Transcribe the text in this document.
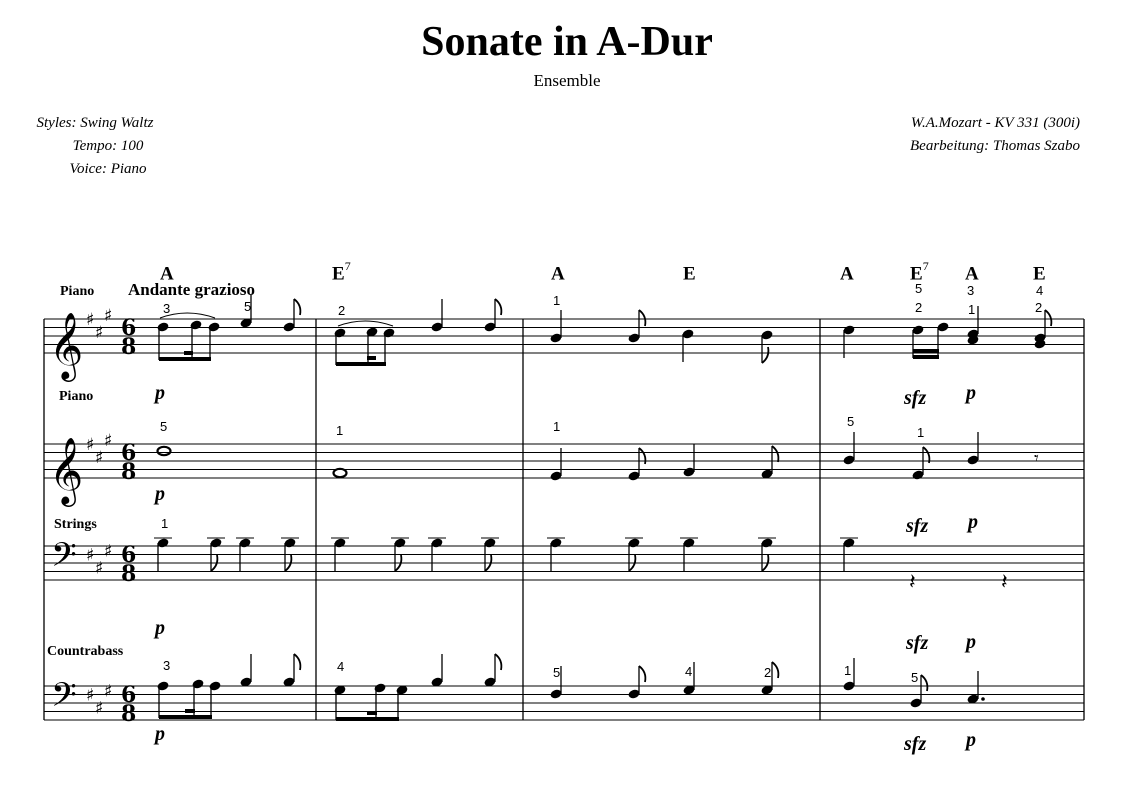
Sonate in A-Dur
Ensemble
Styles: Swing Waltz
Tempo: 100
Voice: Piano
W.A.Mozart - KV 331 (300i)
Bearbeitung: Thomas Szabo
A	$E^7$	A	E	A	$E^7$ A	E
Andante grazioso
Piano
Piano
Strings
Countrabass
𝄞 ♯
♯
♯ 6
8
𝄞 ♯
♯
♯ 6
8
𝄢 ♯
♯
♯ 6
8
𝄢 ♯
♯
♯ 6
8
𝄾
𝄽	𝄽
p	sfz p
p
sfz p
p
sfz p
p	sfz p
3	5	2
1
5
2
3
1
4
2
5	1	1	5
1
1
3	4	5	4	2	1	5
